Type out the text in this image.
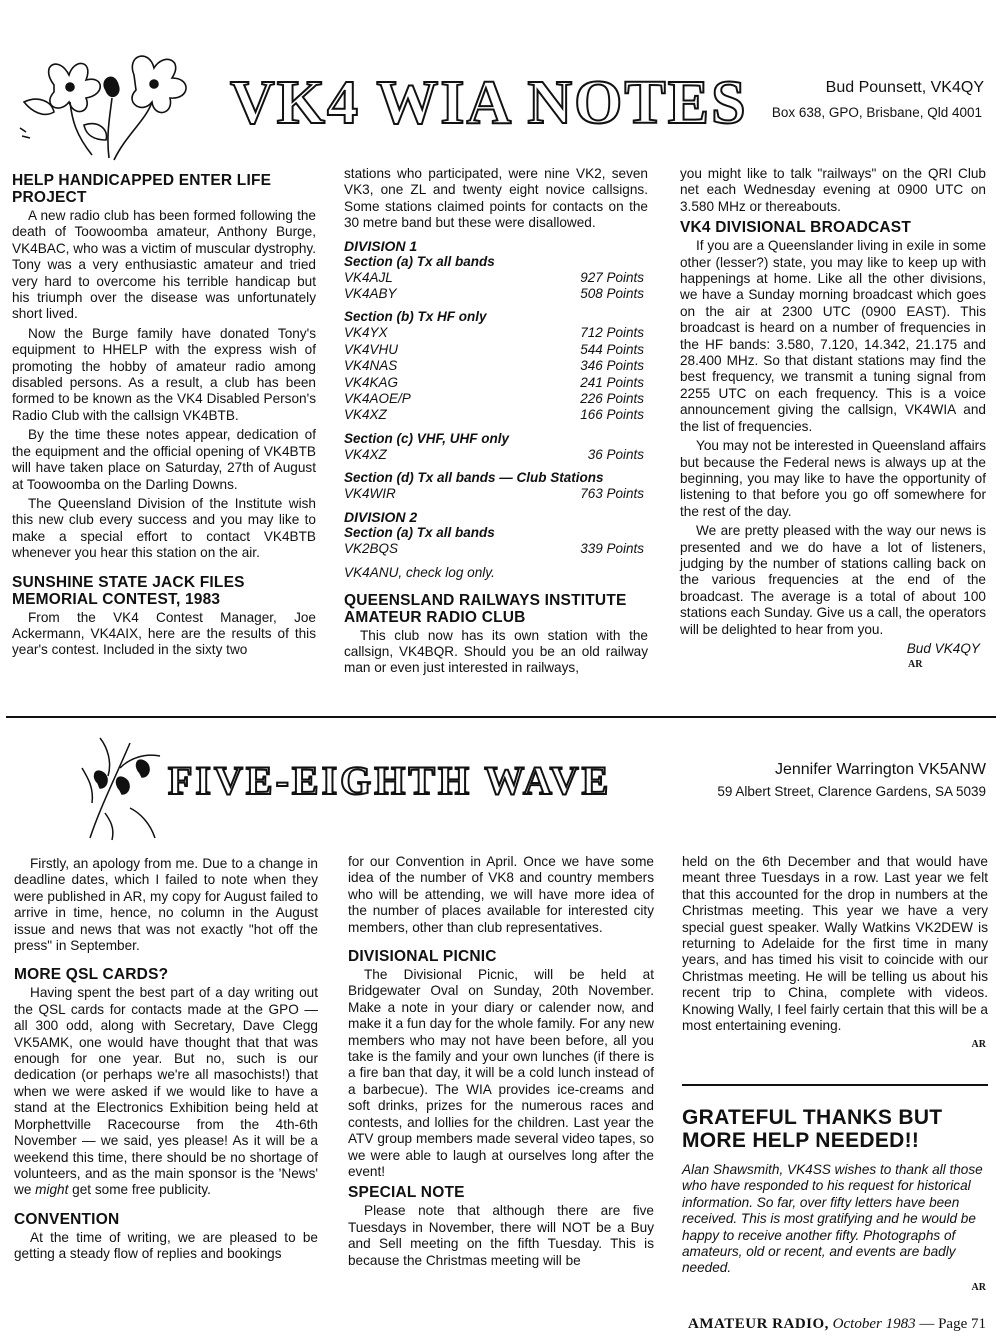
VK4 WIA NOTES	Bud Pounsett, VK4QY
Box 638, GPO, Brisbane, Qld 4001
HELP HANDICAPPED ENTER LIFE PROJECT

A new radio club has been formed following the death of Toowoomba amateur, Anthony Burge, VK4BAC, who was a victim of muscular dystrophy. Tony was a very enthusiastic amateur and tried very hard to overcome his terrible handicap but his triumph over the disease was unfortunately short lived.

Now the Burge family have donated Tony's equipment to HHELP with the express wish of promoting the hobby of amateur radio among disabled persons. As a result, a club has been formed to be known as the VK4 Disabled Person's Radio Club with the callsign VK4BTB.

By the time these notes appear, dedication of the equipment and the official opening of VK4BTB will have taken place on Saturday, 27th of August at Toowoomba on the Darling Downs.

The Queensland Division of the Institute wish this new club every success and you may like to make a special effort to contact VK4BTB whenever you hear this station on the air.

SUNSHINE STATE JACK FILES MEMORIAL CONTEST, 1983

From the VK4 Contest Manager, Joe Ackermann, VK4AIX, here are the results of this year's contest. Included in the sixty two

stations who participated, were nine VK2, seven VK3, one ZL and twenty eight novice callsigns. Some stations claimed points for contacts on the 30 metre band but these were disallowed.

DIVISION 1
Section (a) Tx all bands
VK4AJL	927 Points
VK4ABY	508 Points
Section (b) Tx HF only
VK4YX	712 Points
VK4VHU	544 Points
VK4NAS	346 Points
VK4KAG	241 Points
VK4AOE/P	226 Points
VK4XZ	166 Points
Section (c) VHF, UHF only
VK4XZ	36 Points
Section (d) Tx all bands — Club Stations
VK4WIR	763 Points
DIVISION 2
Section (a) Tx all bands
VK2BQS	339 Points
VK4ANU, check log only.
QUEENSLAND RAILWAYS INSTITUTE AMATEUR RADIO CLUB

This club now has its own station with the callsign, VK4BQR. Should you be an old railway man or even just interested in railways,

you might like to talk "railways" on the QRI Club net each Wednesday evening at 0900 UTC on 3.580 MHz or thereabouts.

VK4 DIVISIONAL BROADCAST

If you are a Queenslander living in exile in some other (lesser?) state, you may like to keep up with happenings at home. Like all the other divisions, we have a Sunday morning broadcast which goes on the air at 2300 UTC (0900 EAST). This broadcast is heard on a number of frequencies in the HF bands: 3.580, 7.120, 14.342, 21.175 and 28.400 MHz. So that distant stations may find the best frequency, we transmit a tuning signal from 2255 UTC on each frequency. This is a voice announcement giving the callsign, VK4WIA and the list of frequencies.

You may not be interested in Queensland affairs but because the Federal news is always up at the beginning, you may like to have the opportunity of listening to that before you go off somewhere for the rest of the day.

We are pretty pleased with the way our news is presented and we do have a lot of listeners, judging by the number of stations calling back on the various frequencies at the end of the broadcast. The average is a total of about 100 stations each Sunday. Give us a call, the operators will be delighted to hear from you.

Bud VK4QY
AR
FIVE-EIGHTH WAVE	Jennifer Warrington VK5ANW
59 Albert Street, Clarence Gardens, SA 5039

Firstly, an apology from me. Due to a change in deadline dates, which I failed to note when they were published in AR, my copy for August failed to arrive in time, hence, no column in the August issue and news that was not exactly "hot off the press" in September.

MORE QSL CARDS?

Having spent the best part of a day writing out the QSL cards for contacts made at the GPO — all 300 odd, along with Secretary, Dave Clegg VK5AMK, one would have thought that that was enough for one year. But no, such is our dedication (or perhaps we're all masochists!) that when we were asked if we would like to have a stand at the Electronics Exhibition being held at Morphettville Racecourse from the 4th-6th November — we said, yes please! As it will be a weekend this time, there should be no shortage of volunteers, and as the main sponsor is the 'News' we might get some free publicity.

CONVENTION

At the time of writing, we are pleased to be getting a steady flow of replies and bookings

for our Convention in April. Once we have some idea of the number of VK8 and country members who will be attending, we will have more idea of the number of places available for interested city members, other than club representatives.

DIVISIONAL PICNIC

The Divisional Picnic, will be held at Bridgewater Oval on Sunday, 20th November. Make a note in your diary or calender now, and make it a fun day for the whole family. For any new members who may not have been before, all you take is the family and your own lunches (if there is a fire ban that day, it will be a cold lunch instead of a barbecue). The WIA provides ice-creams and soft drinks, prizes for the numerous races and contests, and lollies for the children. Last year the ATV group members made several video tapes, so we were able to laugh at ourselves long after the event!

SPECIAL NOTE

Please note that although there are five Tuesdays in November, there will NOT be a Buy and Sell meeting on the fifth Tuesday. This is because the Christmas meeting will be

held on the 6th December and that would have meant three Tuesdays in a row. Last year we felt that this accounted for the drop in numbers at the Christmas meeting. This year we have a very special guest speaker. Wally Watkins VK2DEW is returning to Adelaide for the first time in many years, and has timed his visit to coincide with our Christmas meeting. He will be telling us about his recent trip to China, complete with videos. Knowing Wally, I feel fairly certain that this will be a most entertaining evening.

AR
GRATEFUL THANKS BUT MORE HELP NEEDED!!

Alan Shawsmith, VK4SS wishes to thank all those who have responded to his request for historical information. So far, over fifty letters have been received. This is most gratifying and he would be happy to receive another fifty. Photographs of amateurs, old or recent, and events are badly needed.

AR
AMATEUR RADIO, October 1983 — Page 71
